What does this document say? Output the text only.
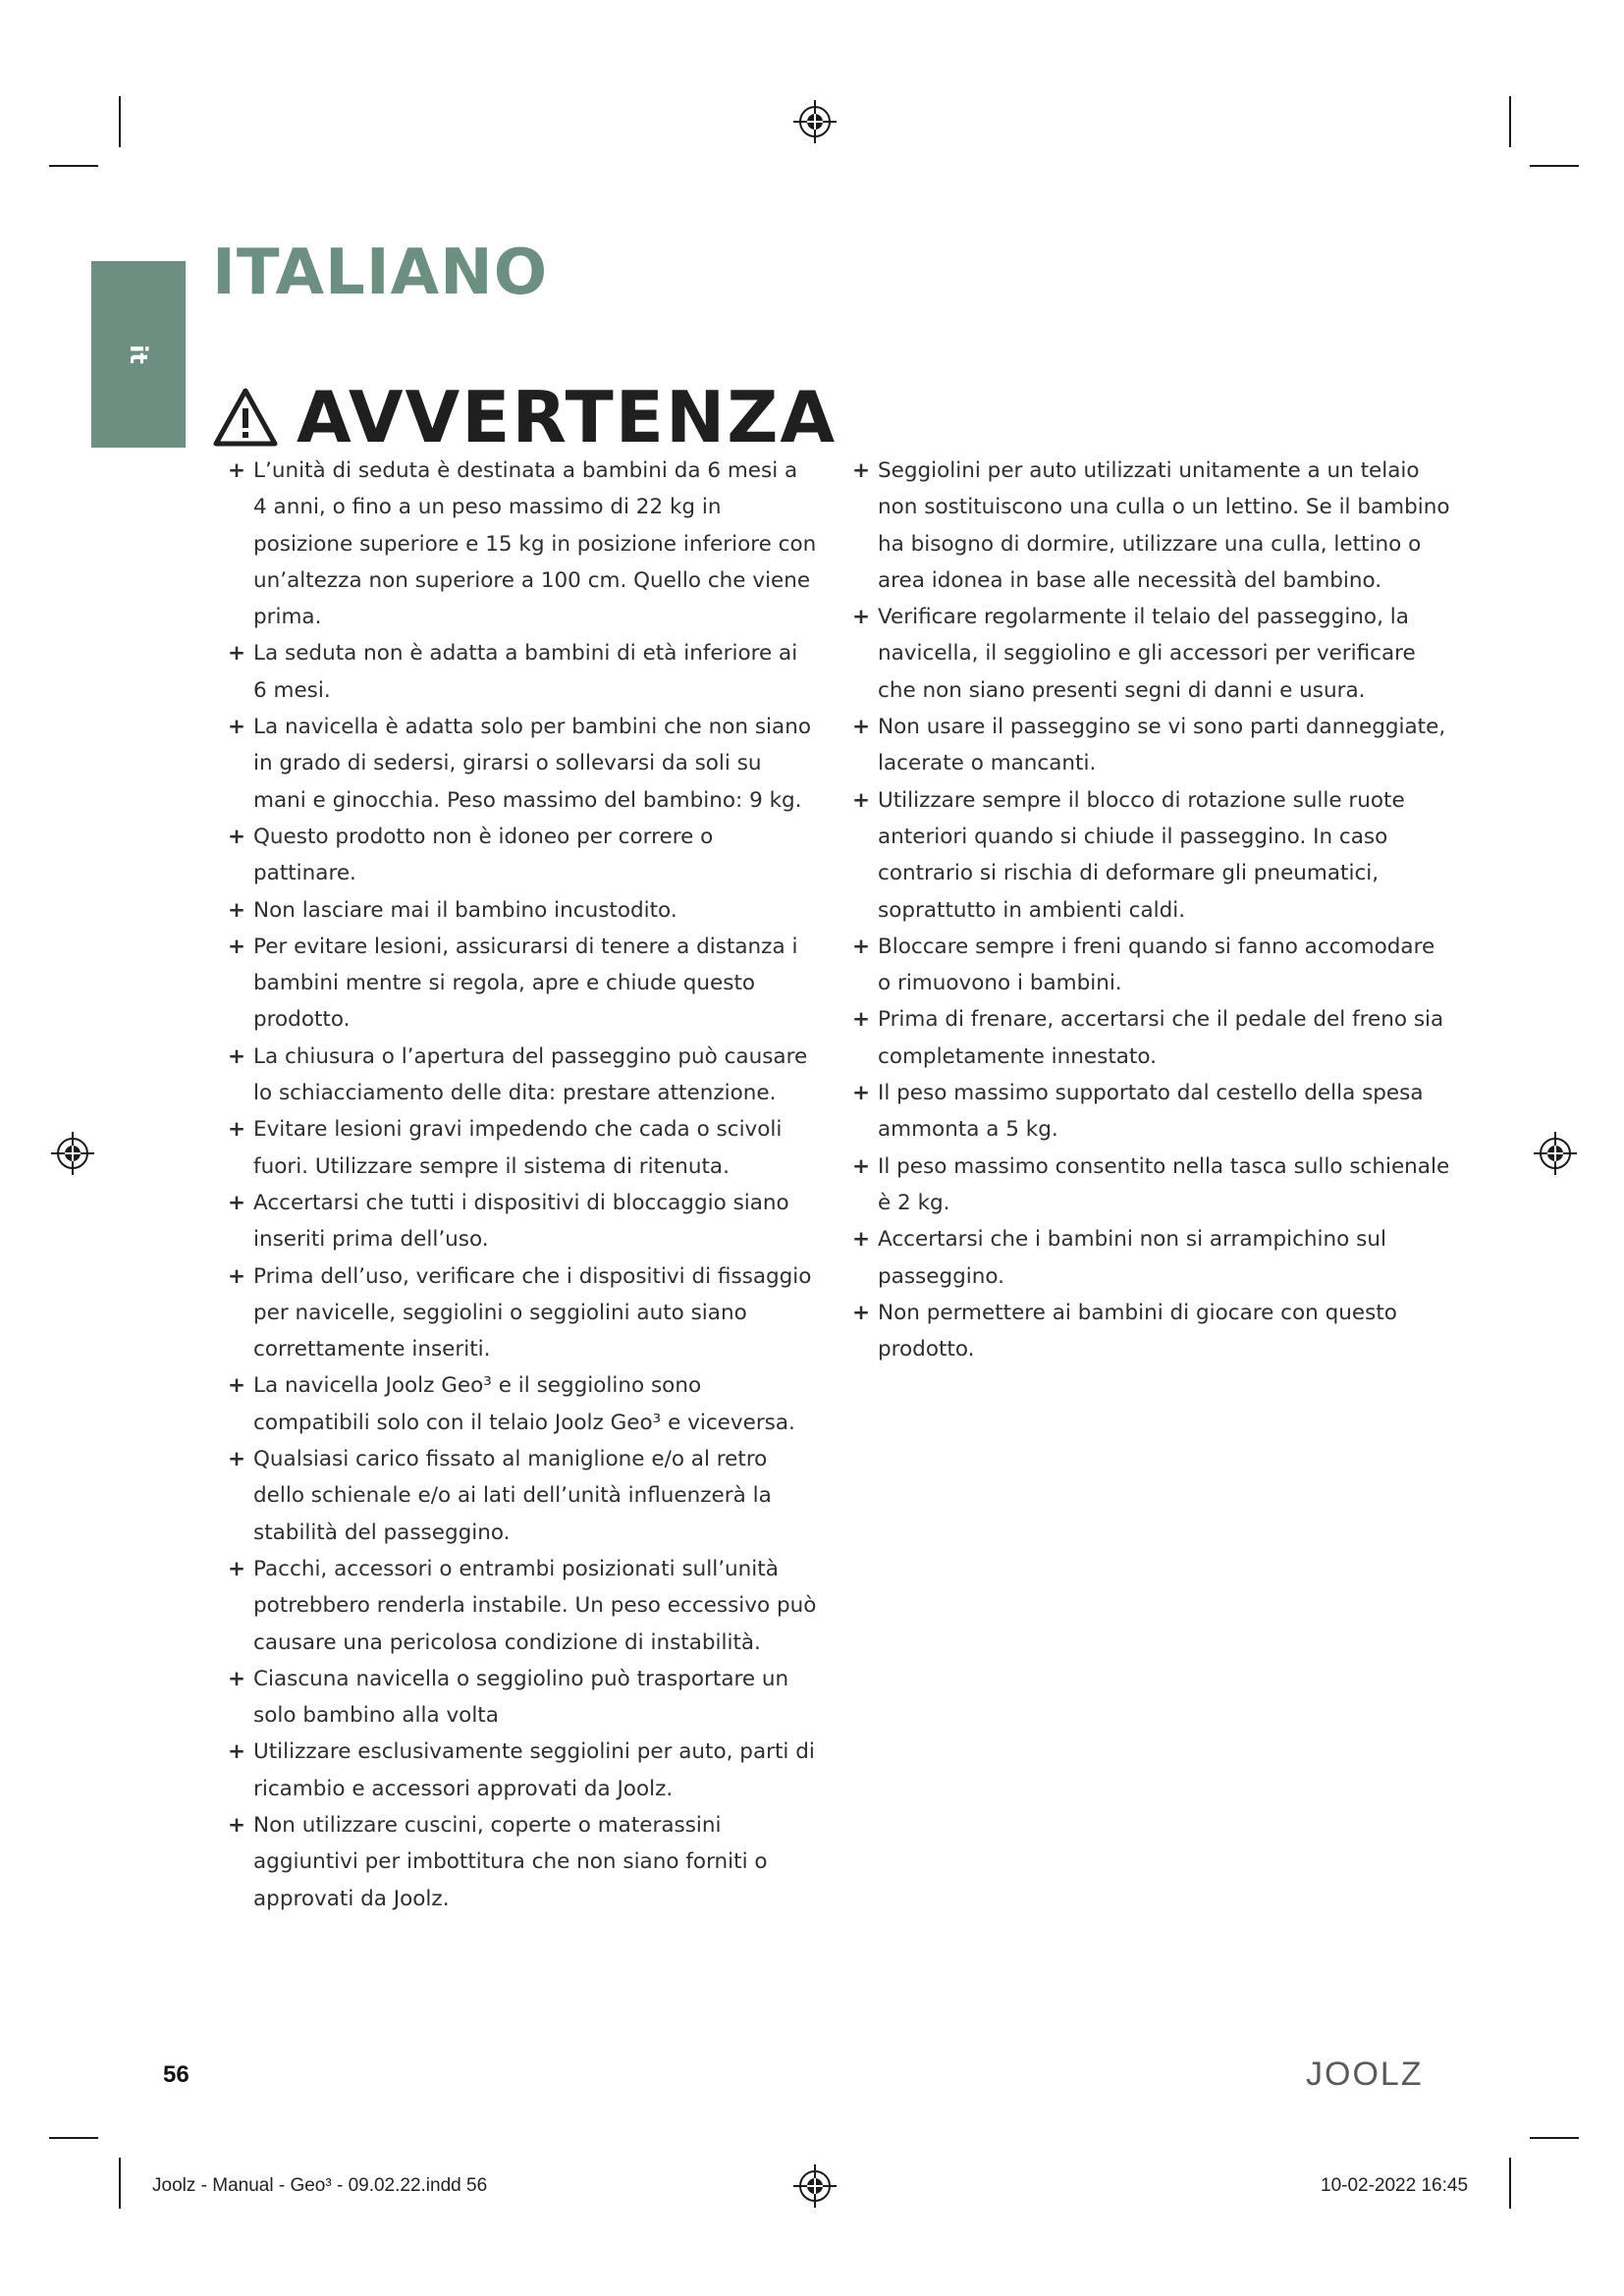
it
ITALIANO
AVVERTENZA
+ L’unità di seduta è destinata a bambini da 6 mesi a 4 anni, o fino a un peso massimo di 22 kg in posizione superiore e 15 kg in posizione inferiore con un’altezza non superiore a 100 cm. Quello che viene prima.
+ La seduta non è adatta a bambini di età inferiore ai 6 mesi.
+ La navicella è adatta solo per bambini che non siano in grado di sedersi, girarsi o sollevarsi da soli su mani e ginocchia. Peso massimo del bambino: 9 kg.
+ Questo prodotto non è idoneo per correre o pattinare.
+ Non lasciare mai il bambino incustodito.
+ Per evitare lesioni, assicurarsi di tenere a distanza i bambini mentre si regola, apre e chiude questo prodotto.
+ La chiusura o l’apertura del passeggino può causare lo schiacciamento delle dita: prestare attenzione.
+ Evitare lesioni gravi impedendo che cada o scivoli fuori. Utilizzare sempre il sistema di ritenuta.
+ Accertarsi che tutti i dispositivi di bloccaggio siano inseriti prima dell’uso.
+ Prima dell’uso, verificare che i dispositivi di fissaggio per navicelle, seggiolini o seggiolini auto siano correttamente inseriti.
+ La navicella Joolz Geo³ e il seggiolino sono compatibili solo con il telaio Joolz Geo³ e viceversa.
+ Qualsiasi carico fissato al maniglione e/o al retro dello schienale e/o ai lati dell’unità influenzerà la stabilità del passeggino.
+ Pacchi, accessori o entrambi posizionati sull’unità potrebbero renderla instabile. Un peso eccessivo può causare una pericolosa condizione di instabilità.
+ Ciascuna navicella o seggiolino può trasportare un solo bambino alla volta
+ Utilizzare esclusivamente seggiolini per auto, parti di ricambio e accessori approvati da Joolz.
+ Non utilizzare cuscini, coperte o materassini aggiuntivi per imbottitura che non siano forniti o approvati da Joolz.
+ Seggiolini per auto utilizzati unitamente a un telaio non sostituiscono una culla o un lettino. Se il bambino ha bisogno di dormire, utilizzare una culla, lettino o area idonea in base alle necessità del bambino.
+ Verificare regolarmente il telaio del passeggino, la navicella, il seggiolino e gli accessori per verificare che non siano presenti segni di danni e usura.
+ Non usare il passeggino se vi sono parti danneggiate, lacerate o mancanti.
+ Utilizzare sempre il blocco di rotazione sulle ruote anteriori quando si chiude il passeggino. In caso contrario si rischia di deformare gli pneumatici, soprattutto in ambienti caldi.
+ Bloccare sempre i freni quando si fanno accomodare o rimuovono i bambini.
+ Prima di frenare, accertarsi che il pedale del freno sia completamente innestato.
+ Il peso massimo supportato dal cestello della spesa ammonta a 5 kg.
+ Il peso massimo consentito nella tasca sullo schienale è 2 kg.
+ Accertarsi che i bambini non si arrampichino sul passeggino.
+ Non permettere ai bambini di giocare con questo prodotto.
56	JOOLZ
Joolz - Manual - Geo³ - 09.02.22.indd 56	10-02-2022 16:45
